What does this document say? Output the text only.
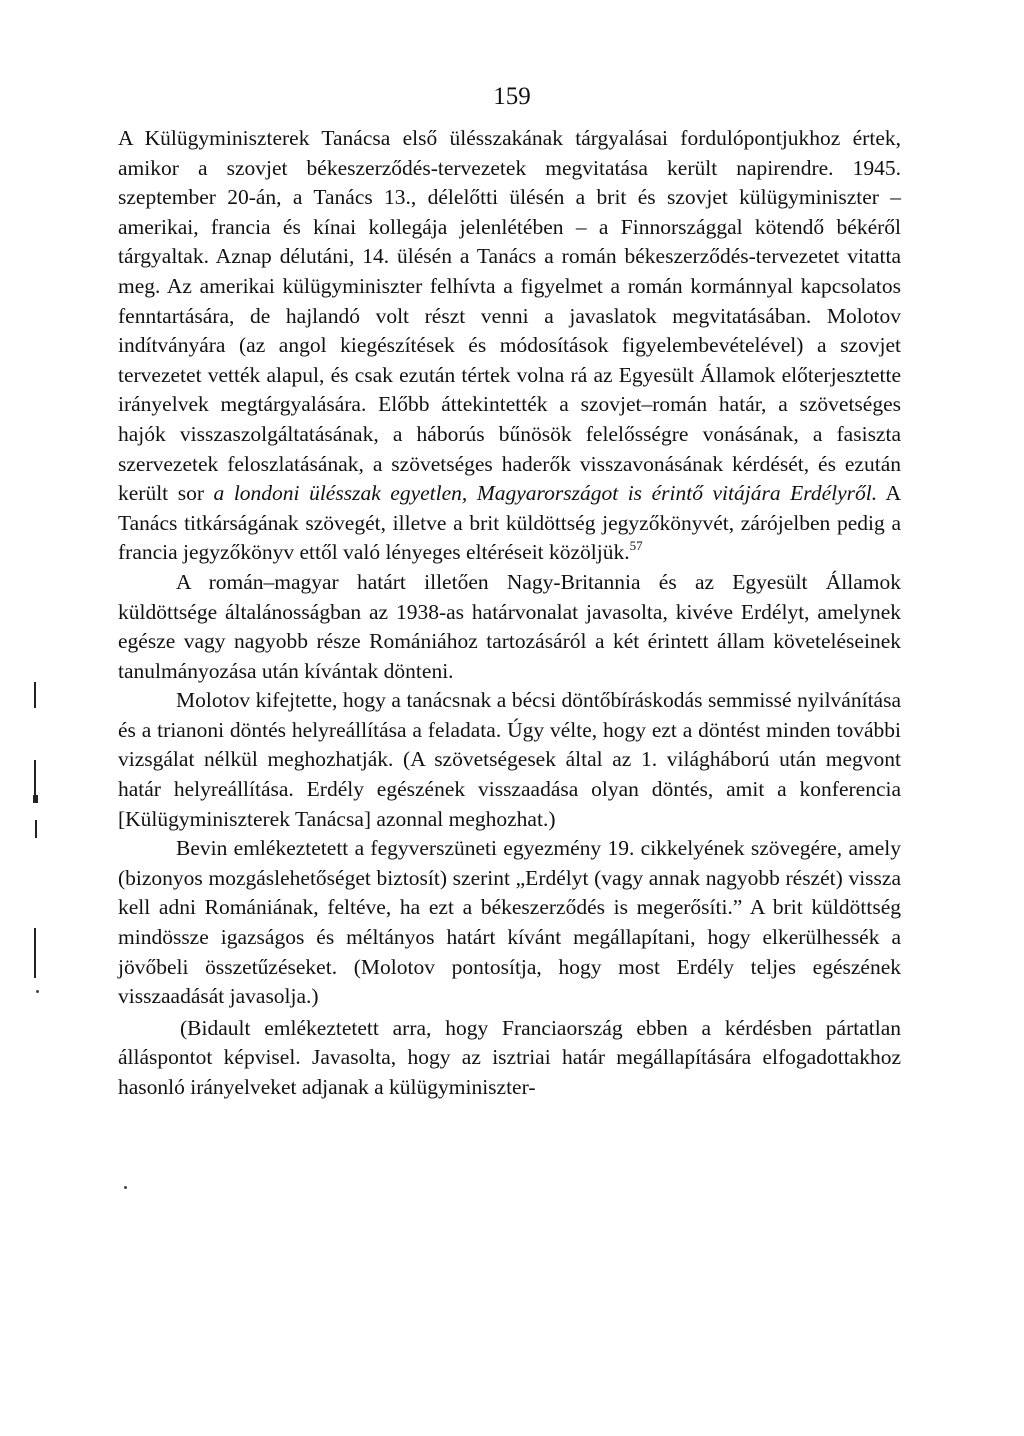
159

A Külügyminiszterek Tanácsa első ülésszakának tárgyalásai fordulópontjukhoz értek, amikor a szovjet békeszerződés-tervezetek megvitatása került napirendre. 1945. szeptember 20-án, a Tanács 13., délelőtti ülésén a brit és szovjet külügyminiszter – amerikai, francia és kínai kollegája jelenlétében – a Finnországgal kötendő békéről tárgyaltak. Aznap délutáni, 14. ülésén a Tanács a román békeszerződés-tervezetet vitatta meg. Az amerikai külügyminiszter felhívta a figyelmet a román kormánnyal kapcsolatos fenntartására, de hajlandó volt részt venni a javaslatok megvitatásában. Molotov indítványára (az angol kiegészítések és módosítások figyelembevételével) a szovjet tervezetet vették alapul, és csak ezután tértek volna rá az Egyesült Államok előterjesztette irányelvek megtárgyalására. Előbb áttekintették a szovjet–román határ, a szövetséges hajók visszaszolgáltatásának, a háborús bűnösök felelősségre vonásának, a fasiszta szervezetek feloszlatásának, a szövetséges haderők visszavonásának kérdését, és ezután került sor a londoni ülésszak egyetlen, Magyarországot is érintő vitájára Erdélyről. A Tanács titkárságának szövegét, illetve a brit küldöttség jegyzőkönyvét, zárójelben pedig a francia jegyzőkönyv ettől való lényeges eltéréseit közöljük.$^{57}$

A román–magyar határt illetően Nagy-Britannia és az Egyesült Államok küldöttsége általánosságban az 1938-as határvonalat javasolta, kivéve Erdélyt, amelynek egésze vagy nagyobb része Romániához tartozásáról a két érintett állam követeléseinek tanulmányozása után kívántak dönteni.

Molotov kifejtette, hogy a tanácsnak a bécsi döntőbíráskodás semmissé nyilvánítása és a trianoni döntés helyreállítása a feladata. Úgy vélte, hogy ezt a döntést minden további vizsgálat nélkül meghozhatják. (A szövetségesek által az 1. világháború után megvont határ helyreállítása. Erdély egészének visszaadása olyan döntés, amit a konferencia [Külügyminiszterek Tanácsa] azonnal meghozhat.)

Bevin emlékeztetett a fegyverszüneti egyezmény 19. cikkelyének szövegére, amely (bizonyos mozgáslehetőséget biztosít) szerint „Erdélyt (vagy annak nagyobb részét) vissza kell adni Romániának, feltéve, ha ezt a békeszerződés is megerősíti.” A brit küldöttség mindössze igazságos és méltányos határt kívánt megállapítani, hogy elkerülhessék a jövőbeli összetűzéseket. (Molotov pontosítja, hogy most Erdély teljes egészének visszaadását javasolja.)

(Bidault emlékeztetett arra, hogy Franciaország ebben a kérdésben pártatlan álláspontot képvisel. Javasolta, hogy az isztriai határ megállapítására elfogadottakhoz hasonló irányelveket adjanak a külügyminiszter-
